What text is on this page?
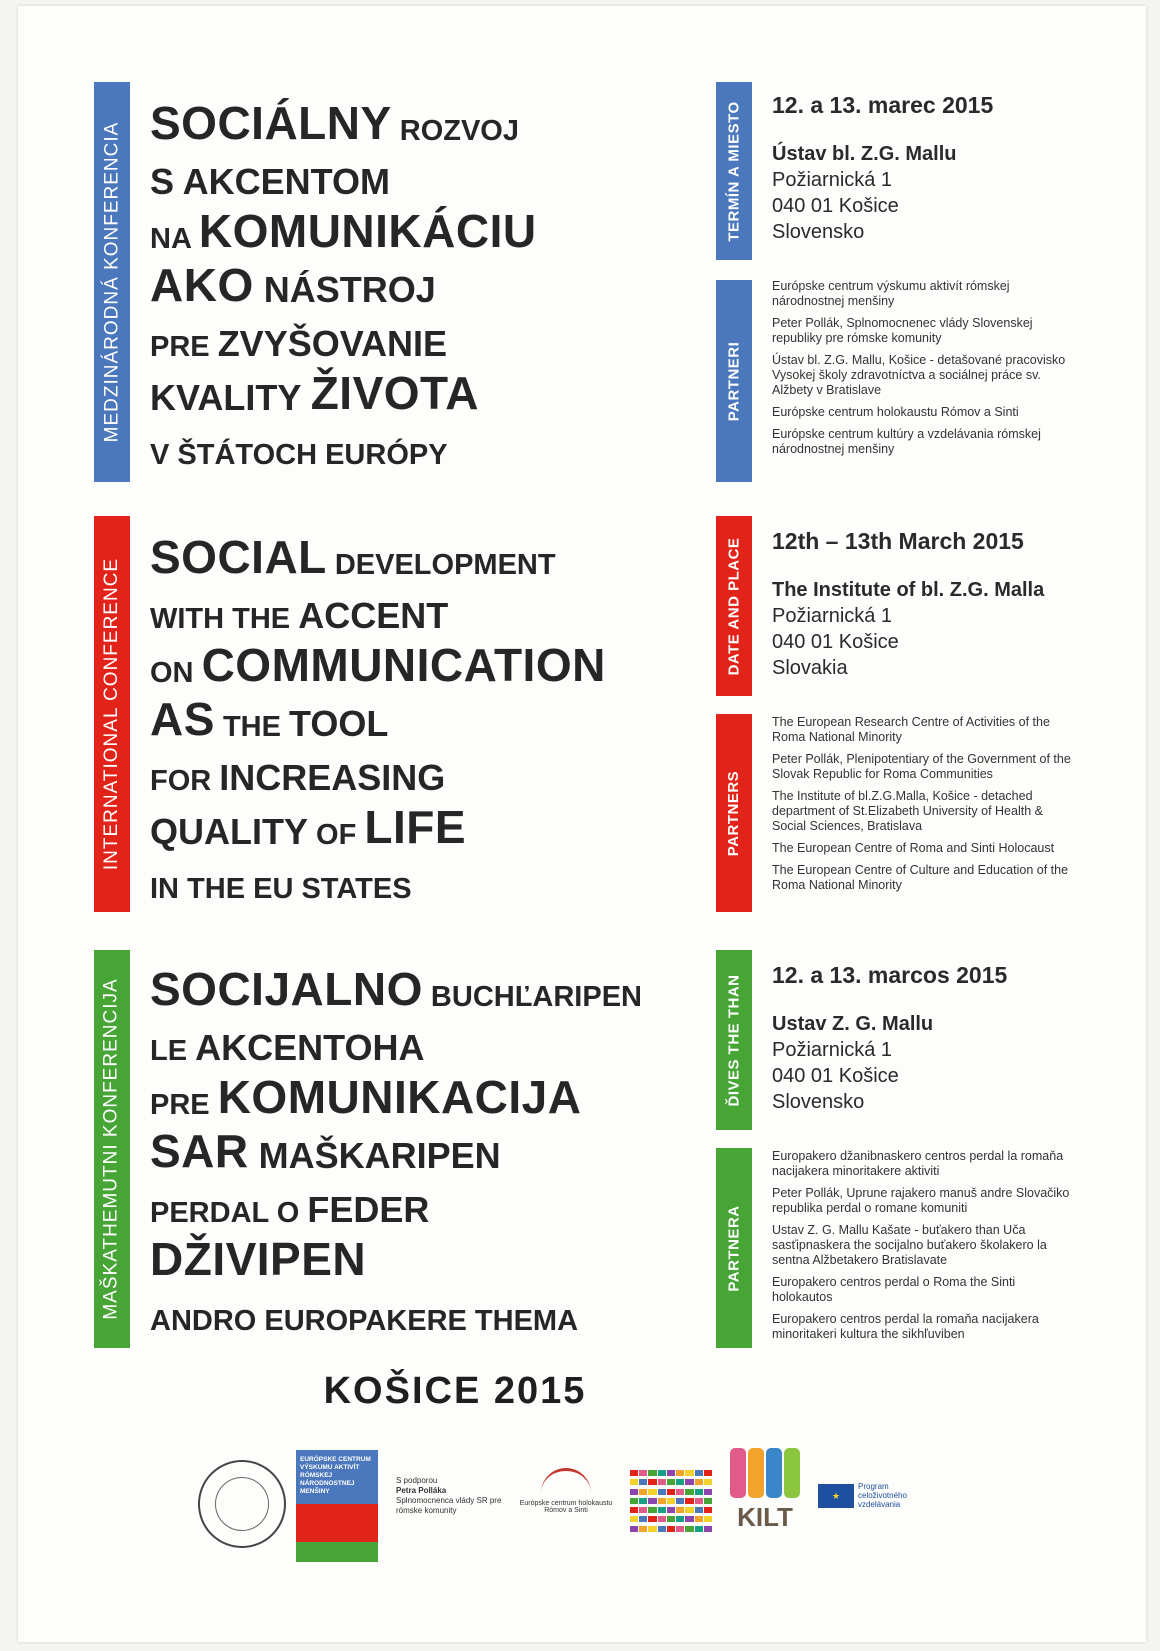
MEDZINÁRODNÁ KONFERENCIA SOCIÁLNY ROZVOJ
S AKCENTOM
NA KOMUNIKÁCIU
AKO NÁSTROJ
PRE ZVYŠOVANIE
KVALITY ŽIVOTA
V ŠTÁTOCH EURÓPY
TERMÍN A MIESTO
PARTNERI
12. a 13. marec 2015
Ústav bl. Z.G. Mallu
Požiarnická 1
040 01 Košice
Slovensko
Európske centrum výskumu aktivít rómskej národnostnej menšiny
Peter Pollák, Splnomocnenec vlády Slovenskej republiky pre rómske komunity
Ústav bl. Z.G. Mallu, Košice - detašované pracovisko Vysokej školy zdravotníctva a sociálnej práce sv. Alžbety v Bratislave
Európske centrum holokaustu Rómov a Sinti
Európske centrum kultúry a vzdelávania rómskej národnostnej menšiny
INTERNATIONAL CONFERENCE
SOCIAL DEVELOPMENT
WITH THE ACCENT
ON COMMUNICATION
AS THE TOOL
FOR INCREASING
QUALITY OF LIFE
IN THE EU STATES
DATE AND PLACE
PARTNERS
12th – 13th March 2015
The Institute of bl. Z.G. Malla
Požiarnická 1
040 01 Košice
Slovakia
The European Research Centre of Activities of the Roma National Minority
Peter Pollák, Plenipotentiary of the Government of the Slovak Republic for Roma Communities
The Institute of bl.Z.G.Malla, Košice - detached department of St.Elizabeth University of Health & Social Sciences, Bratislava
The European Centre of Roma and Sinti Holocaust
The European Centre of Culture and Education of the Roma National Minority
MAŠKATHEMUTNI KONFERENCIJA SOCIJALNO BUCHĽARIPEN
LE AKCENTOHA
PRE KOMUNIKACIJA
SAR MAŠKARIPEN
PERDAL O FEDER
DŽIVIPEN
ANDRO EUROPAKERE THEMA
ĎIVES THE THAN
PARTNERA
12. a 13. marcos 2015
Ustav Z. G. Mallu
Požiarnická 1
040 01 Košice
Slovensko
Europakero džanibnaskero centros perdal la romaňa nacijakera minoritakere aktiviti
Peter Pollák, Uprune rajakero manuš andre Slovačiko republika perdal o romane komuniti
Ustav Z. G. Mallu Kašate - buťakero than Uča sasťipnaskera the socijalno buťakero školakero la sentna Alžbetakero Bratislavate
Europakero centros perdal o Roma the Sinti holokautos
Europakero centros perdal la romaňa nacijakera minoritakeri kultura the sikhľuviben
KOŠICE 2015
EURÓPSKE CENTRUM VÝSKUMU AKTIVÍT RÓMSKEJ NÁRODNOSTNEJ MENŠINY
S podporou
Petra Polláka
Splnomocnenca vlády SR pre rómske komunity
Európske centrum holokaustu Rómov a Sinti	KILT
★
Program celoživotného vzdelávania
